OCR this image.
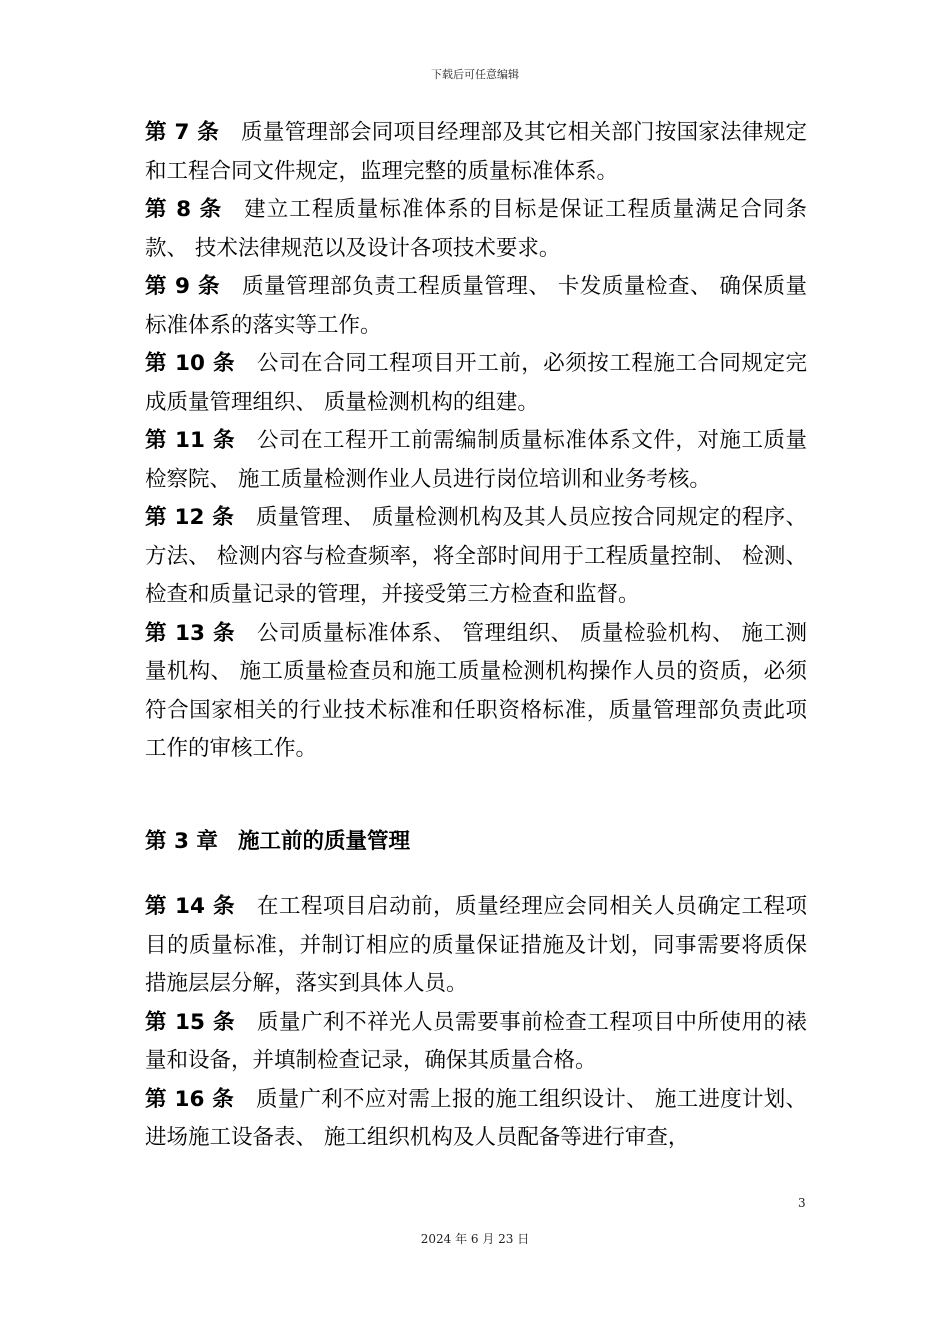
下载后可任意编辑

第 7 条 质量管理部会同项目经理部及其它相关部门按国家法律规定和工程合同文件规定，监理完整的质量标准体系。

第 8 条 建立工程质量标准体系的目标是保证工程质量满足合同条款、 技术法律规范以及设计各项技术要求。

第 9 条 质量管理部负责工程质量管理、 卡发质量检查、 确保质量标准体系的落实等工作。

第 10 条 公司在合同工程项目开工前，必须按工程施工合同规定完成质量管理组织、 质量检测机构的组建。

第 11 条 公司在工程开工前需编制质量标准体系文件，对施工质量检察院、 施工质量检测作业人员进行岗位培训和业务考核。

第 12 条 质量管理、 质量检测机构及其人员应按合同规定的程序、 方法、 检测内容与检查频率，将全部时间用于工程质量控制、 检测、 检查和质量记录的管理，并接受第三方检查和监督。

第 13 条 公司质量标准体系、 管理组织、 质量检验机构、 施工测量机构、 施工质量检查员和施工质量检测机构操作人员的资质，必须符合国家相关的行业技术标准和任职资格标准，质量管理部负责此项工作的审核工作。

第 3 章 施工前的质量管理

第 14 条 在工程项目启动前，质量经理应会同相关人员确定工程项目的质量标准，并制订相应的质量保证措施及计划，同事需要将质保措施层层分解，落实到具体人员。

第 15 条 质量广利不祥光人员需要事前检查工程项目中所使用的裱量和设备，并填制检查记录，确保其质量合格。

第 16 条 质量广利不应对需上报的施工组织设计、 施工进度计划、 进场施工设备表、 施工组织机构及人员配备等进行审查，

3
2024 年 6 月 23 日
